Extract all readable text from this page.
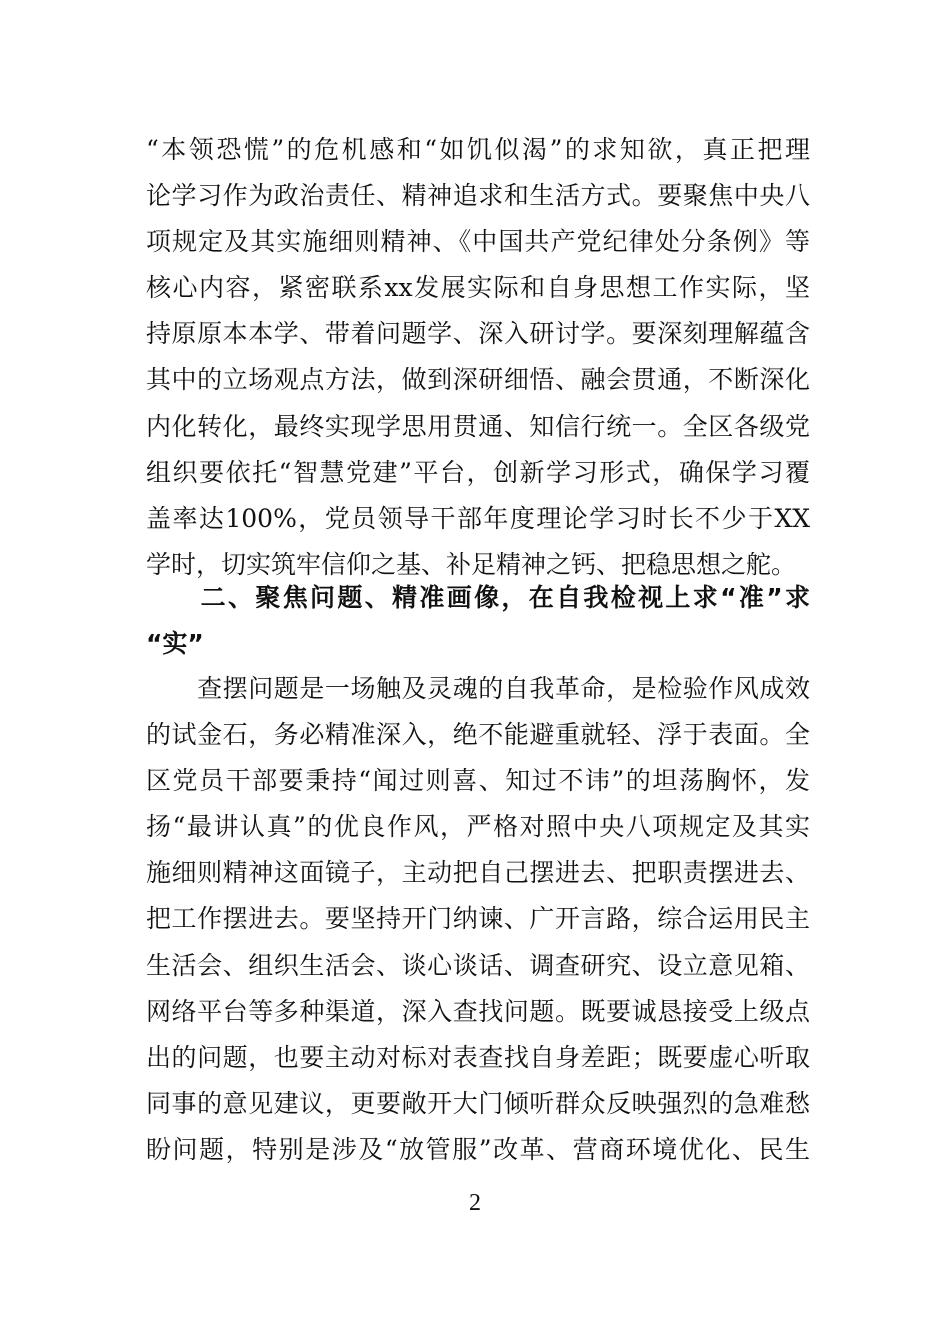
“本领恐慌”的危机感和“如饥似渴”的求知欲，真正把理
论学习作为政治责任、精神追求和生活方式。要聚焦中央八
项规定及其实施细则精神、《中国共产党纪律处分条例》等
核心内容，紧密联系xx发展实际和自身思想工作实际，坚
持原原本本学、带着问题学、深入研讨学。要深刻理解蕴含
其中的立场观点方法，做到深研细悟、融会贯通，不断深化
内化转化，最终实现学思用贯通、知信行统一。全区各级党
组织要依托“智慧党建”平台，创新学习形式，确保学习覆
盖率达100%，党员领导干部年度理论学习时长不少于XX
学时，切实筑牢信仰之基、补足精神之钙、把稳思想之舵。
　　二、聚焦问题、精准画像，在自我检视上求“准”求
“实”
　　查摆问题是一场触及灵魂的自我革命，是检验作风成效
的试金石，务必精准深入，绝不能避重就轻、浮于表面。全
区党员干部要秉持“闻过则喜、知过不讳”的坦荡胸怀，发
扬“最讲认真”的优良作风，严格对照中央八项规定及其实
施细则精神这面镜子，主动把自己摆进去、把职责摆进去、
把工作摆进去。要坚持开门纳谏、广开言路，综合运用民主
生活会、组织生活会、谈心谈话、调查研究、设立意见箱、
网络平台等多种渠道，深入查找问题。既要诚恳接受上级点
出的问题，也要主动对标对表查找自身差距；既要虚心听取
同事的意见建议，更要敞开大门倾听群众反映强烈的急难愁
盼问题，特别是涉及“放管服”改革、营商环境优化、民生
2
